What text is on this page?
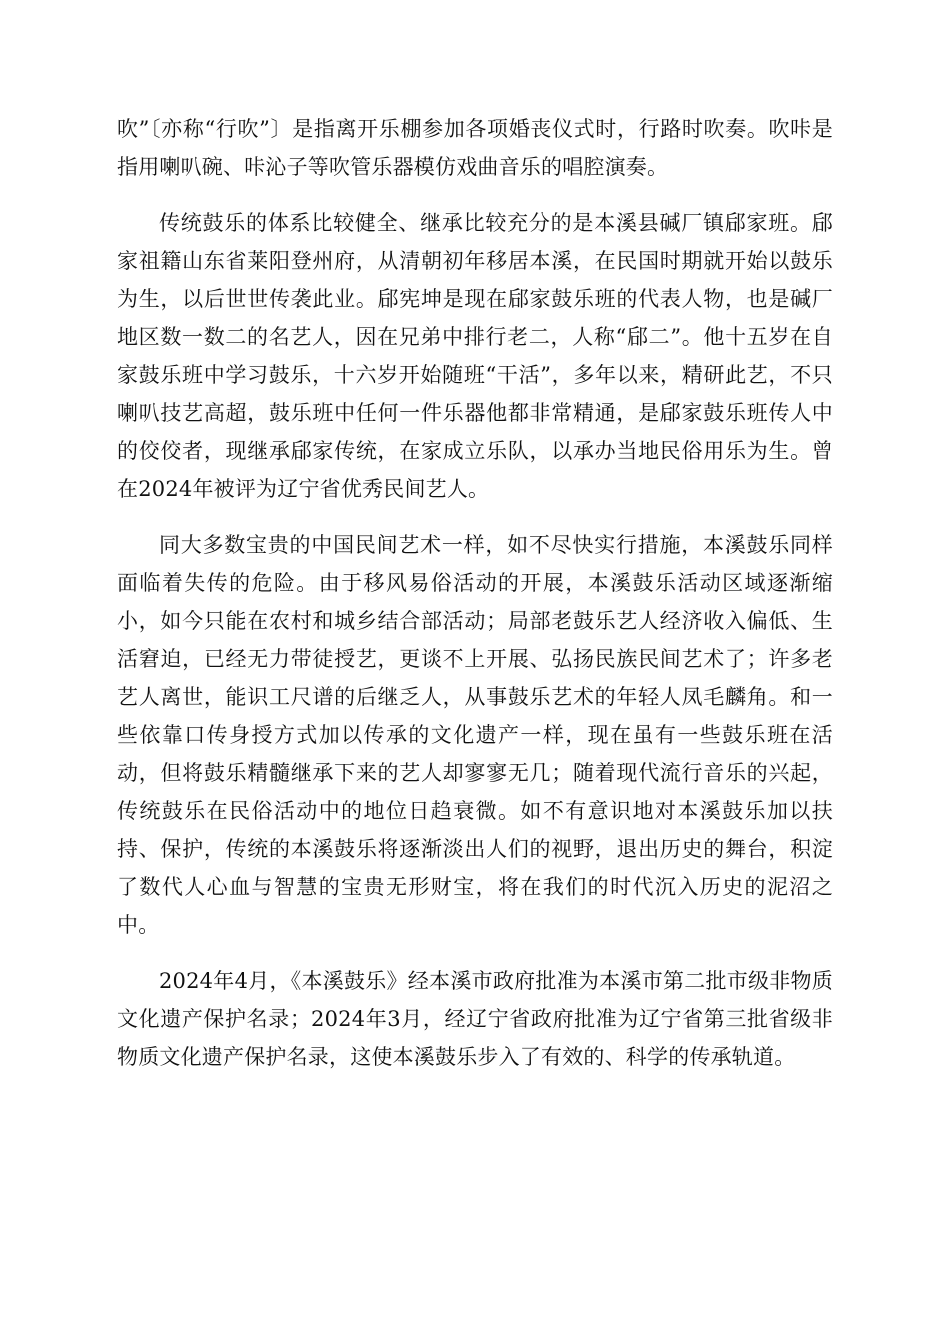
吹”〔亦称“行吹”〕是指离开乐棚参加各项婚丧仪式时，行路时吹奏。吹咔是指用喇叭碗、咔沁子等吹管乐器模仿戏曲音乐的唱腔演奏。

传统鼓乐的体系比较健全、继承比较充分的是本溪县碱厂镇郈家班。郈家祖籍山东省莱阳登州府，从清朝初年移居本溪，在民国时期就开始以鼓乐为生，以后世世传袭此业。郈宪坤是现在郈家鼓乐班的代表人物，也是碱厂地区数一数二的名艺人，因在兄弟中排行老二，人称“郈二”。他十五岁在自家鼓乐班中学习鼓乐，十六岁开始随班“干活”，多年以来，精研此艺，不只喇叭技艺高超，鼓乐班中任何一件乐器他都非常精通，是郈家鼓乐班传人中的佼佼者，现继承郈家传统，在家成立乐队，以承办当地民俗用乐为生。曾在2024年被评为辽宁省优秀民间艺人。

同大多数宝贵的中国民间艺术一样，如不尽快实行措施，本溪鼓乐同样面临着失传的危险。由于移风易俗活动的开展，本溪鼓乐活动区域逐渐缩小，如今只能在农村和城乡结合部活动；局部老鼓乐艺人经济收入偏低、生活窘迫，已经无力带徒授艺，更谈不上开展、弘扬民族民间艺术了；许多老艺人离世，能识工尺谱的后继乏人，从事鼓乐艺术的年轻人凤毛麟角。和一些依靠口传身授方式加以传承的文化遗产一样，现在虽有一些鼓乐班在活动，但将鼓乐精髓继承下来的艺人却寥寥无几；随着现代流行音乐的兴起，传统鼓乐在民俗活动中的地位日趋衰微。如不有意识地对本溪鼓乐加以扶持、保护，传统的本溪鼓乐将逐渐淡出人们的视野，退出历史的舞台，积淀了数代人心血与智慧的宝贵无形财宝，将在我们的时代沉入历史的泥沼之中。

2024年4月，《本溪鼓乐》经本溪市政府批准为本溪市第二批市级非物质文化遗产保护名录；2024年3月，经辽宁省政府批准为辽宁省第三批省级非物质文化遗产保护名录，这使本溪鼓乐步入了有效的、科学的传承轨道。
